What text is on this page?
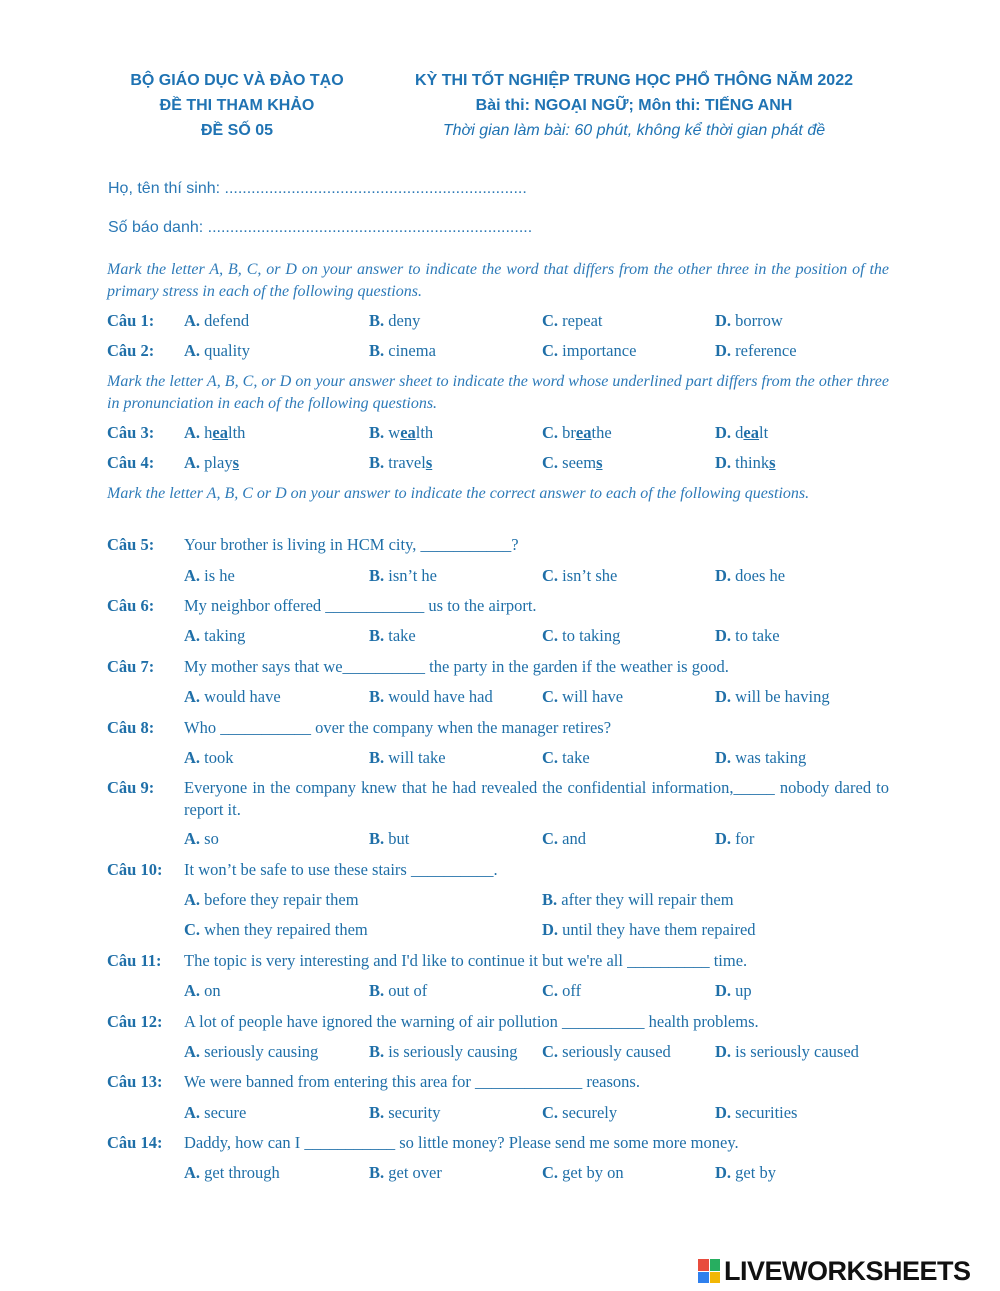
BỘ GIÁO DỤC VÀ ĐÀO TẠO
ĐỀ THI THAM KHẢO
ĐỀ SỐ 05
KỲ THI TỐT NGHIỆP TRUNG HỌC PHỔ THÔNG NĂM 2022
Bài thi: NGOẠI NGỮ; Môn thi: TIẾNG ANH
Thời gian làm bài: 60 phút, không kể thời gian phát đề
Họ, tên thí sinh: ....................................................................
Số báo danh: .........................................................................
Mark the letter A, B, C, or D on your answer to indicate the word that differs from the other three in the position of the primary stress in each of the following questions.
Câu 1: A. defend	B. deny	C. repeat	D. borrow
Câu 2: A. quality	B. cinema	C. importance	D. reference
Mark the letter A, B, C, or D on your answer sheet to indicate the word whose underlined part differs from the other three in pronunciation in each of the following questions.
Câu 3: A. health	B. wealth	C. breathe	D. dealt
Câu 4: A. plays	B. travels	C. seems	D. thinks
Mark the letter A, B, C or D on your answer to indicate the correct answer to each of the following questions.
Câu 5: Your brother is living in HCM city, ___________?
A. is he	B. isn’t he	C. isn’t she	D. does he
Câu 6: My neighbor offered ____________ us to the airport.
A. taking	B. take	C. to taking	D. to take
Câu 7: My mother says that we__________ the party in the garden if the weather is good.
A. would have	B. would have had	C. will have	D. will be having
Câu 8: Who ___________ over the company when the manager retires?
A. took	B. will take	C. take	D. was taking
Câu 9: Everyone in the company knew that he had revealed the confidential information,_____ nobody dared to report it.
A. so	B. but	C. and	D. for
Câu 10: It won’t be safe to use these stairs __________.
A. before they repair them	B. after they will repair them
C. when they repaired them	D. until they have them repaired
Câu 11: The topic is very interesting and I'd like to continue it but we're all __________ time.
A. on	B. out of	C. off	D. up
Câu 12: A lot of people have ignored the warning of air pollution __________ health problems.
A. seriously causing	B. is seriously causing C. seriously caused	D. is seriously caused
Câu 13: We were banned from entering this area for _____________ reasons.
A. secure	B. security	C. securely	D. securities
Câu 14: Daddy, how can I ___________ so little money? Please send me some more money.
A. get through	B. get over	C. get by on	D. get by
LIVEWORKSHEETS
